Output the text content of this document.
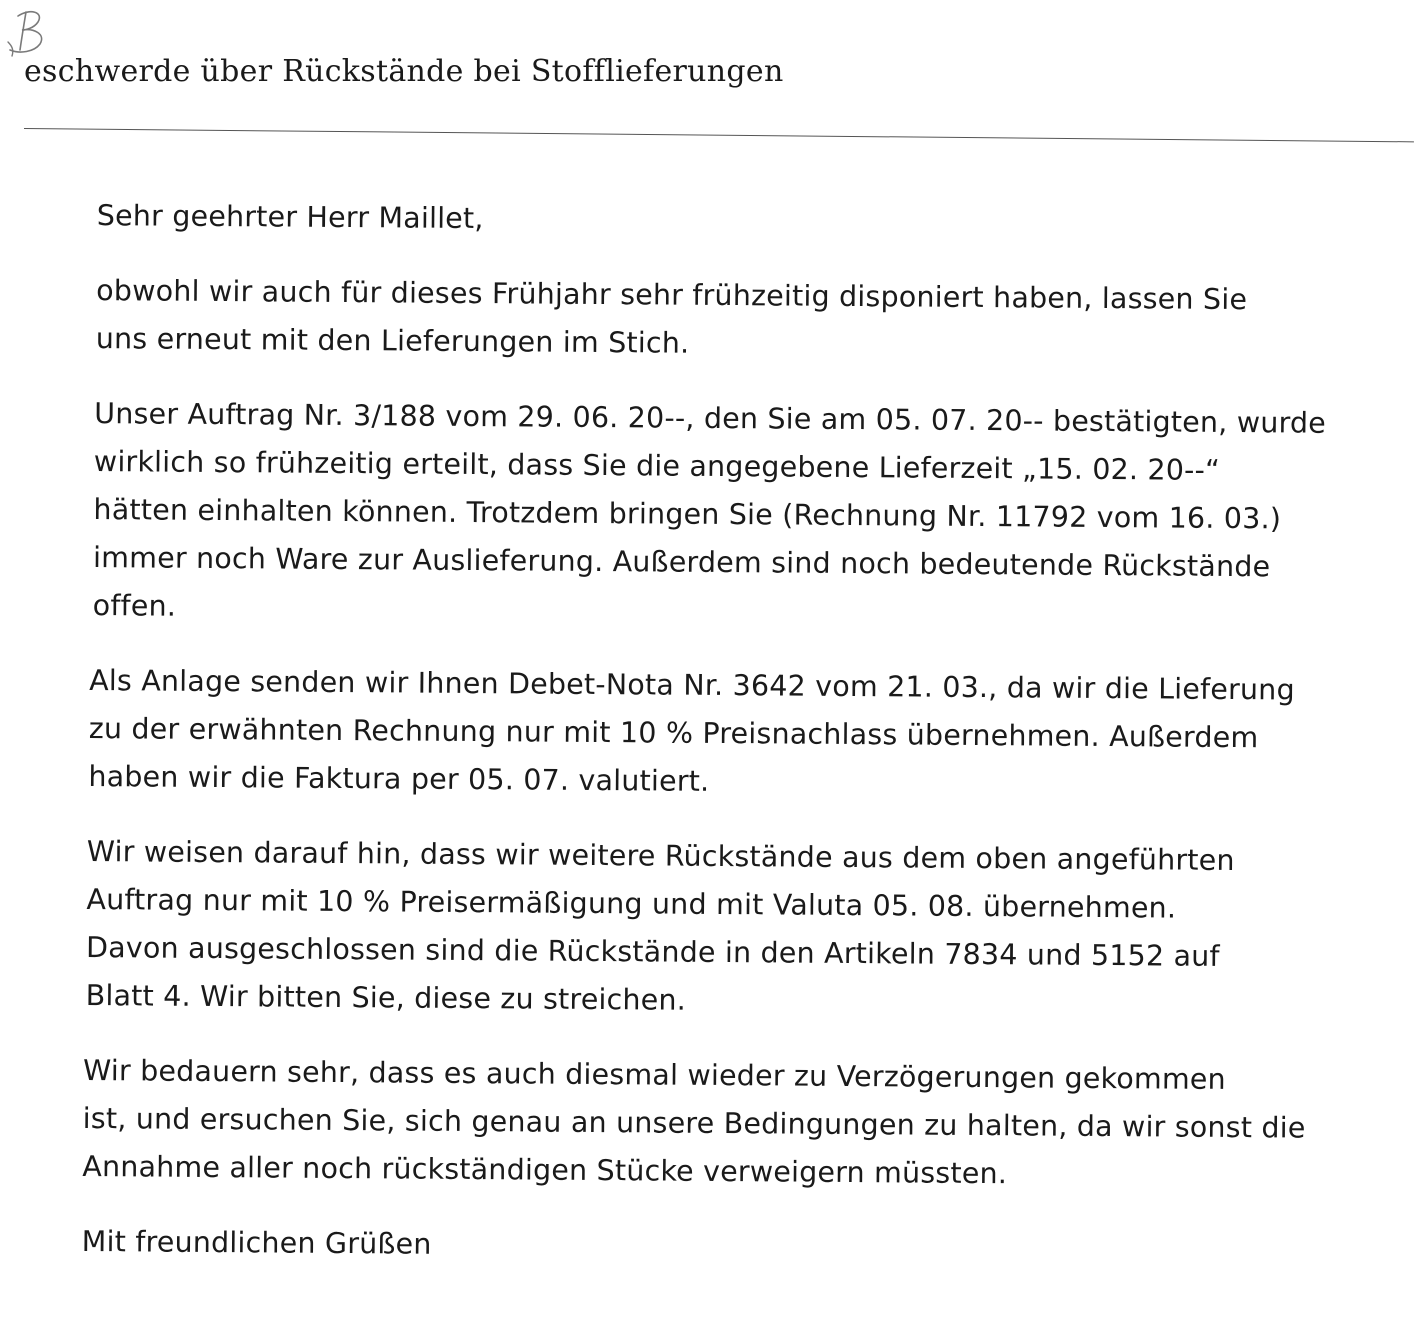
eschwerde über Rückstände bei Stofflieferungen

Sehr geehrter Herr Maillet,

obwohl wir auch für dieses Frühjahr sehr frühzeitig disponiert haben, lassen Sie
uns erneut mit den Lieferungen im Stich.

Unser Auftrag Nr. 3/188 vom 29. 06. 20--, den Sie am 05. 07. 20-- bestätigten, wurde
wirklich so frühzeitig erteilt, dass Sie die angegebene Lieferzeit „15. 02. 20--“
hätten einhalten können. Trotzdem bringen Sie (Rechnung Nr. 11792 vom 16. 03.)
immer noch Ware zur Auslieferung. Außerdem sind noch bedeutende Rückstände
offen.

Als Anlage senden wir Ihnen Debet-Nota Nr. 3642 vom 21. 03., da wir die Lieferung
zu der erwähnten Rechnung nur mit 10 % Preisnachlass übernehmen. Außerdem
haben wir die Faktura per 05. 07. valutiert.

Wir weisen darauf hin, dass wir weitere Rückstände aus dem oben angeführten
Auftrag nur mit 10 % Preisermäßigung und mit Valuta 05. 08. übernehmen.
Davon ausgeschlossen sind die Rückstände in den Artikeln 7834 und 5152 auf
Blatt 4. Wir bitten Sie, diese zu streichen.

Wir bedauern sehr, dass es auch diesmal wieder zu Verzögerungen gekommen
ist, und ersuchen Sie, sich genau an unsere Bedingungen zu halten, da wir sonst die
Annahme aller noch rückständigen Stücke verweigern müssten.

Mit freundlichen Grüßen
